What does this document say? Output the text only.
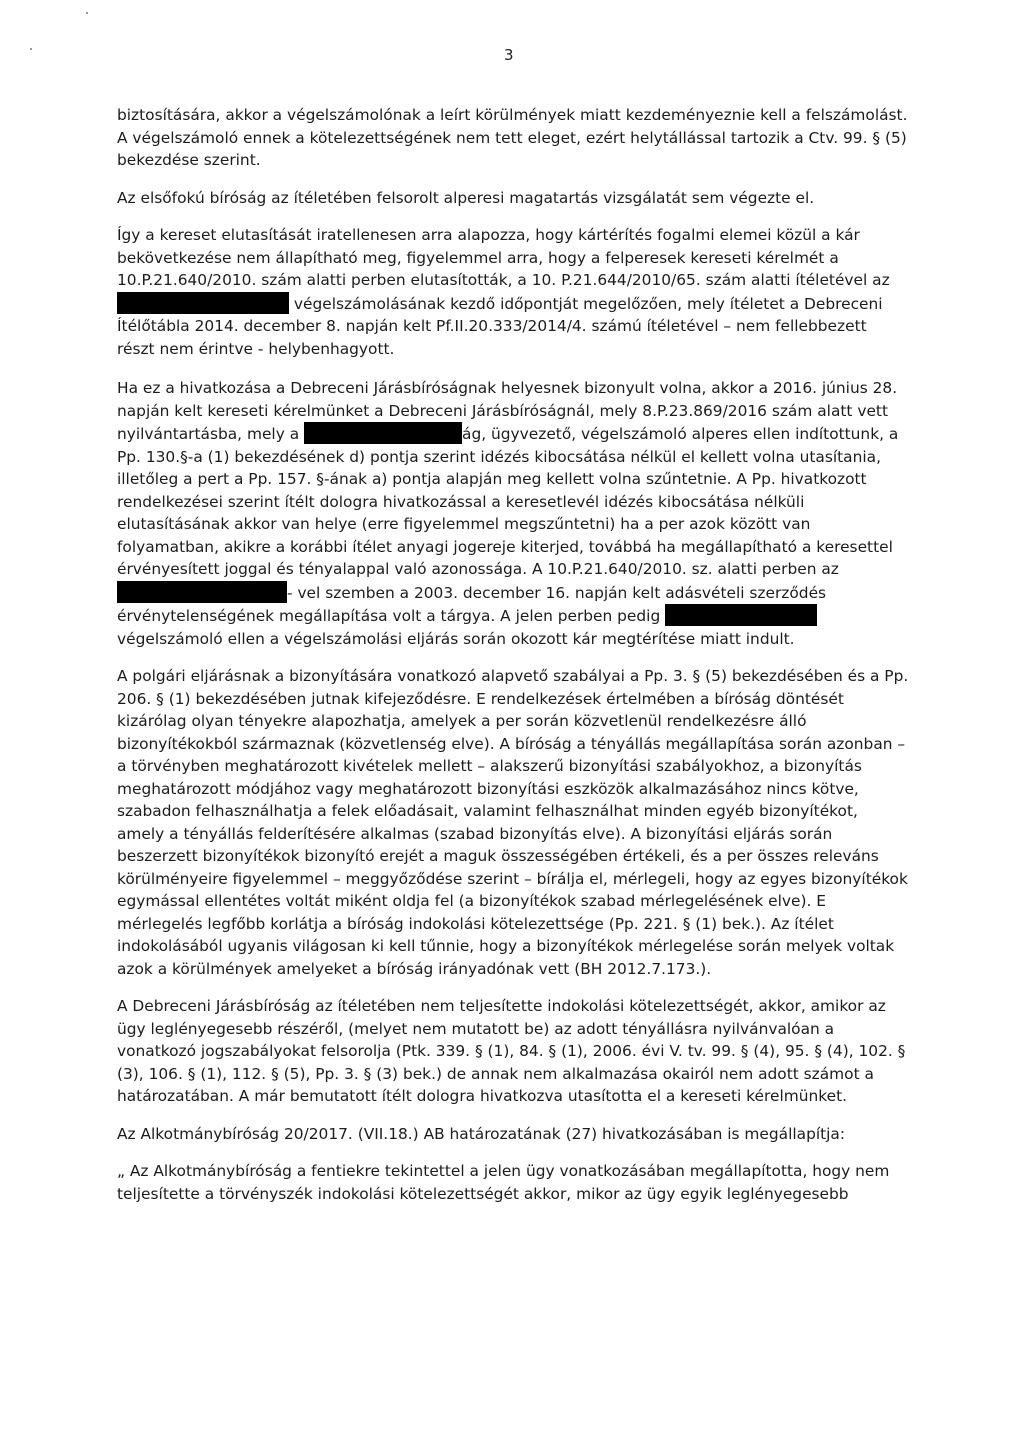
3

biztosítására, akkor a végelszámolónak a leírt körülmények miatt kezdeményeznie kell a felszámolást. A végelszámoló ennek a kötelezettségének nem tett eleget, ezért helytállással tartozik a Ctv. 99. § (5) bekezdése szerint.

Az elsőfokú bíróság az ítéletében felsorolt alperesi magatartás vizsgálatát sem végezte el.

Így a kereset elutasítását iratellenesen arra alapozza, hogy kártérítés fogalmi elemei közül a kár bekövetkezése nem állapítható meg, figyelemmel arra, hogy a felperesek kereseti kérelmét a 10.P.21.640/2010. szám alatti perben elutasították, a 10. P.21.644/2010/65. szám alatti ítéletével az
végelszámolásának kezdő időpontját megelőzően, mely ítéletet a Debreceni Ítélőtábla 2014. december 8. napján kelt Pf.II.20.333/2014/4. számú ítéletével – nem fellebbezett részt nem érintve - helybenhagyott.

Ha ez a hivatkozása a Debreceni Járásbíróságnak helyesnek bizonyult volna, akkor a 2016. június 28. napján kelt kereseti kérelmünket a Debreceni Járásbíróságnál, mely 8.P.23.869/2016 szám alatt vett nyilvántartásba, mely a	ág, ügyvezető, végelszámoló alperes ellen indítottunk, a Pp. 130.§-a (1) bekezdésének d) pontja szerint idézés kibocsátása nélkül el kellett volna utasítania, illetőleg a pert a Pp. 157. §-ának a) pontja alapján meg kellett volna szűntetnie. A Pp. hivatkozott rendelkezései szerint ítélt dologra hivatkozással a keresetlevél idézés kibocsátása nélküli elutasításának akkor van helye (erre figyelemmel megszűntetni) ha a per azok között van folyamatban, akikre a korábbi ítélet anyagi jogereje kiterjed, továbbá ha megállapítható a keresettel érvényesített joggal és tényalappal való azonossága. A 10.P.21.640/2010. sz. alatti perben az - vel szemben a 2003. december 16. napján kelt adásvételi szerződés érvénytelenségének megállapítása volt a tárgya. A jelen perben pedig  végelszámoló ellen a végelszámolási eljárás során okozott kár megtérítése miatt indult.

A polgári eljárásnak a bizonyítására vonatkozó alapvető szabályai a Pp. 3. § (5) bekezdésében és a Pp. 206. § (1) bekezdésében jutnak kifejeződésre. E rendelkezések értelmében a bíróság döntését kizárólag olyan tényekre alapozhatja, amelyek a per során közvetlenül rendelkezésre álló bizonyítékokból származnak (közvetlenség elve). A bíróság a tényállás megállapítása során azonban – a törvényben meghatározott kivételek mellett – alakszerű bizonyítási szabályokhoz, a bizonyítás meghatározott módjához vagy meghatározott bizonyítási eszközök alkalmazásához nincs kötve, szabadon felhasználhatja a felek előadásait, valamint felhasználhat minden egyéb bizonyítékot, amely a tényállás felderítésére alkalmas (szabad bizonyítás elve). A bizonyítási eljárás során beszerzett bizonyítékok bizonyító erejét a maguk összességében értékeli, és a per összes releváns körülményeire figyelemmel – meggyőződése szerint – bírálja el, mérlegeli, hogy az egyes bizonyítékok egymással ellentétes voltát miként oldja fel (a bizonyítékok szabad mérlegelésének elve). E mérlegelés legfőbb korlátja a bíróság indokolási kötelezettsége (Pp. 221. § (1) bek.). Az ítélet indokolásából ugyanis világosan ki kell tűnnie, hogy a bizonyítékok mérlegelése során melyek voltak azok a körülmények amelyeket a bíróság irányadónak vett (BH 2012.7.173.).

A Debreceni Járásbíróság az ítéletében nem teljesítette indokolási kötelezettségét, akkor, amikor az ügy leglényegesebb részéről, (melyet nem mutatott be) az adott tényállásra nyilvánvalóan a vonatkozó jogszabályokat felsorolja (Ptk. 339. § (1), 84. § (1), 2006. évi V. tv. 99. § (4), 95. § (4), 102. § (3), 106. § (1), 112. § (5), Pp. 3. § (3) bek.) de annak nem alkalmazása okairól nem adott számot a határozatában. A már bemutatott ítélt dologra hivatkozva utasította el a kereseti kérelmünket.

Az Alkotmánybíróság 20/2017. (VII.18.) AB határozatának (27) hivatkozásában is megállapítja:

„ Az Alkotmánybíróság a fentiekre tekintettel a jelen ügy vonatkozásában megállapította, hogy nem teljesítette a törvényszék indokolási kötelezettségét akkor, mikor az ügy egyik leglényegesebb
